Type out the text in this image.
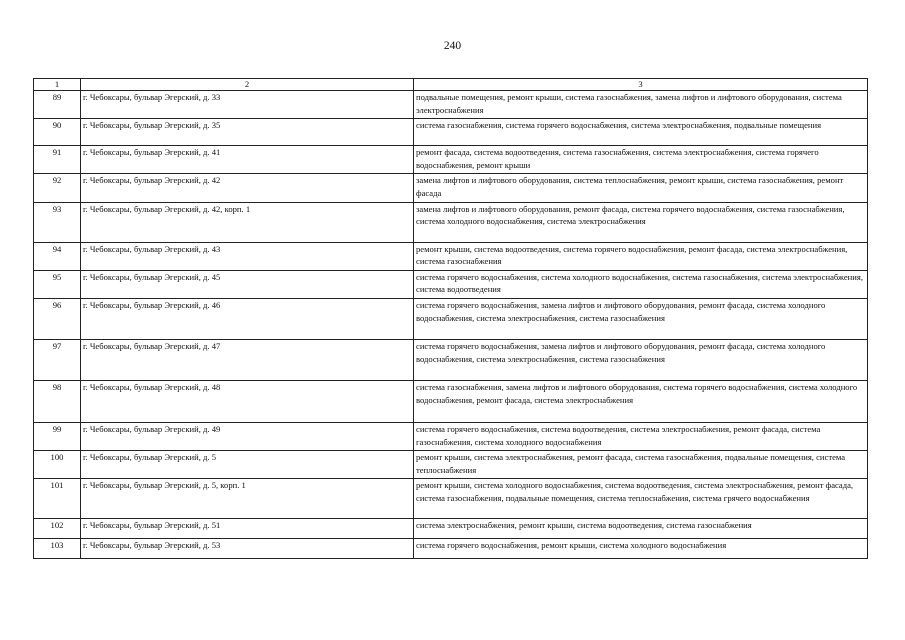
240
1	2	3
89	г. Чебоксары, бульвар Эгерский, д. 33	подвальные помещения, ремонт крыши, система газоснабжения, замена лифтов и лифтового оборудования, система электроснабжения
90	г. Чебоксары, бульвар Эгерский, д. 35	система газоснабжения, система горячего водоснабжения, система электроснабжения, подвальные помещения
91	г. Чебоксары, бульвар Эгерский, д. 41	ремонт фасада, система водоотведения, система газоснабжения, система электроснабжения, система горячего водоснабжения, ремонт крыши
92	г. Чебоксары, бульвар Эгерский, д. 42	замена лифтов и лифтового оборудования, система теплоснабжения, ремонт крыши, система газоснабжения, ремонт фасада
93	г. Чебоксары, бульвар Эгерский, д. 42, корп. 1	замена лифтов и лифтового оборудования, ремонт фасада, система горячего водоснабжения, система газоснабжения, система холодного водоснабжения, система электроснабжения
94	г. Чебоксары, бульвар Эгерский, д. 43	ремонт крыши, система водоотведения, система горячего водоснабжения, ремонт фасада, система электроснабжения, система газоснабжения
95	г. Чебоксары, бульвар Эгерский, д. 45	система горячего водоснабжения, система холодного водоснабжения, система газоснабжения, система электроснабжения, система водоотведения
96	г. Чебоксары, бульвар Эгерский, д. 46	система горячего водоснабжения, замена лифтов и лифтового оборудования, ремонт фасада, система холодного водоснабжения, система электроснабжения, система газоснабжения
97	г. Чебоксары, бульвар Эгерский, д. 47	система горячего водоснабжения, замена лифтов и лифтового оборудования, ремонт фасада, система холодного водоснабжения, система электроснабжения, система газоснабжения
98	г. Чебоксары, бульвар Эгерский, д. 48	система газоснабжения, замена лифтов и лифтового оборудования, система горячего водоснабжения, система холодного водоснабжения, ремонт фасада, система электроснабжения
99	г. Чебоксары, бульвар Эгерский, д. 49	система горячего водоснабжения, система водоотведения, система электроснабжения, ремонт фасада, система газоснабжения, система холодного водоснабжения
100	г. Чебоксары, бульвар Эгерский, д. 5	ремонт крыши, система электроснабжения, ремонт фасада, система газоснабжения, подвальные помещения, система теплоснабжения
101	г. Чебоксары, бульвар Эгерский, д. 5, корп. 1	ремонт крыши, система холодного водоснабжения, система водоотведения, система электроснабжения, ремонт фасада, система газоснабжения, подвальные помещения, система теплоснабжения, система грячего водоснабжения
102	г. Чебоксары, бульвар Эгерский, д. 51	система электроснабжения, ремонт крыши, система водоотведения, система газоснабжения
103	г. Чебоксары, бульвар Эгерский, д. 53	система горячего водоснабжения, ремонт крыши, система холодного водоснабжения
